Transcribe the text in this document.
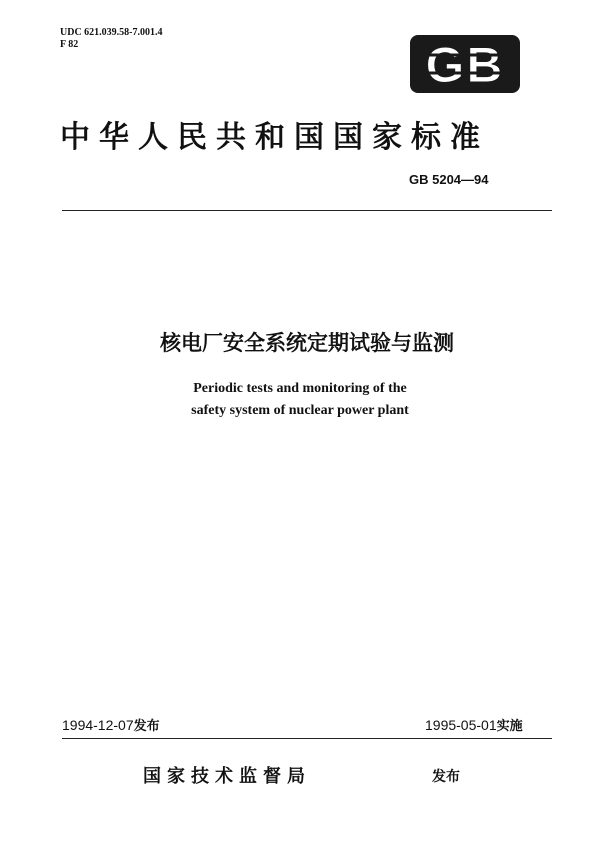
UDC 621.039.58-7.001.4
F 82	GB
中华人民共和国国家标准
GB 5204—94
核电厂安全系统定期试验与监测
Periodic tests and monitoring of the
safety system of nuclear power plant
1994-12-07发布	1995-05-01实施
国家技术监督局	发布
